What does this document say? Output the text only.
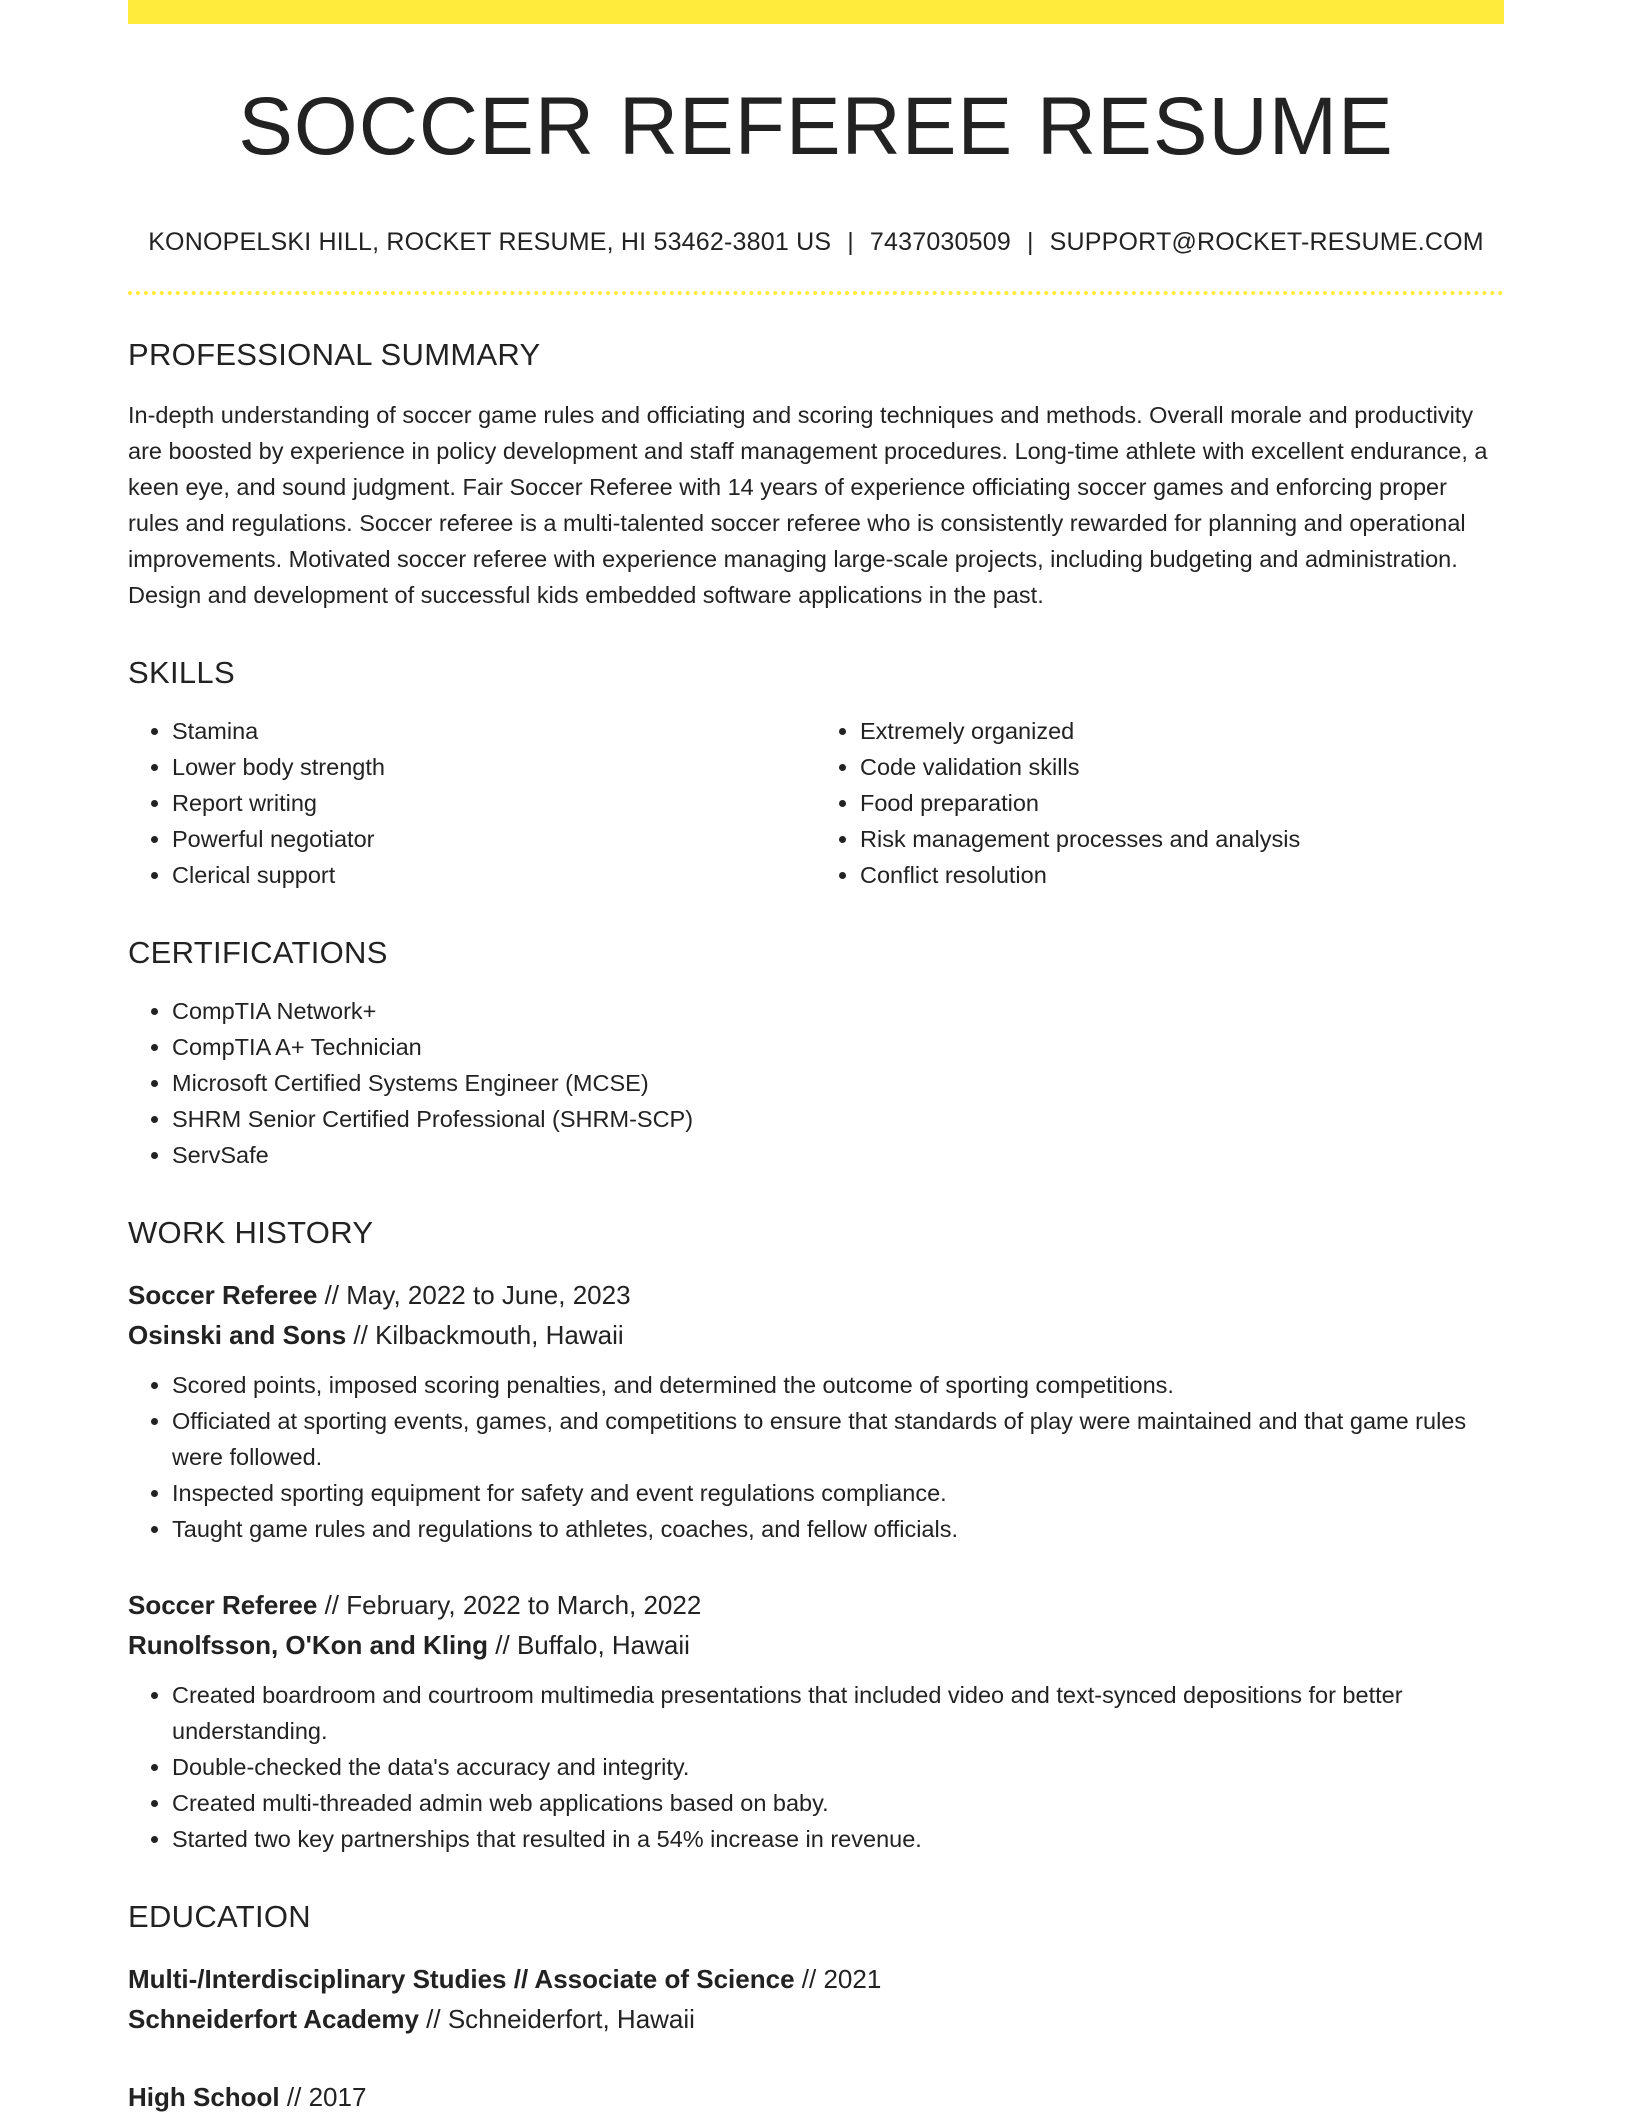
SOCCER REFEREE RESUME
KONOPELSKI HILL, ROCKET RESUME, HI 53462-3801 US | 7437030509 | SUPPORT@ROCKET-RESUME.COM
PROFESSIONAL SUMMARY

In-depth understanding of soccer game rules and officiating and scoring techniques and methods. Overall morale and productivity are boosted by experience in policy development and staff management procedures. Long-time athlete with excellent endurance, a keen eye, and sound judgment. Fair Soccer Referee with 14 years of experience officiating soccer games and enforcing proper rules and regulations. Soccer referee is a multi-talented soccer referee who is consistently rewarded for planning and operational improvements. Motivated soccer referee with experience managing large-scale projects, including budgeting and administration. Design and development of successful kids embedded software applications in the past.

SKILLS
• Stamina
• Lower body strength
• Report writing
• Powerful negotiator
• Clerical support
• Extremely organized
• Code validation skills
• Food preparation
• Risk management processes and analysis
• Conflict resolution
CERTIFICATIONS
• CompTIA Network+
• CompTIA A+ Technician
• Microsoft Certified Systems Engineer (MCSE)
• SHRM Senior Certified Professional (SHRM-SCP)
• ServSafe
WORK HISTORY
Soccer Referee // May, 2022 to June, 2023
Osinski and Sons // Kilbackmouth, Hawaii
• Scored points, imposed scoring penalties, and determined the outcome of sporting competitions.
• Officiated at sporting events, games, and competitions to ensure that standards of play were maintained and that game rules were followed.
• Inspected sporting equipment for safety and event regulations compliance.
• Taught game rules and regulations to athletes, coaches, and fellow officials.
Soccer Referee // February, 2022 to March, 2022
Runolfsson, O'Kon and Kling // Buffalo, Hawaii
• Created boardroom and courtroom multimedia presentations that included video and text-synced depositions for better understanding.
• Double-checked the data's accuracy and integrity.
• Created multi-threaded admin web applications based on baby.
• Started two key partnerships that resulted in a 54% increase in revenue.
EDUCATION
Multi-/Interdisciplinary Studies // Associate of Science // 2021
Schneiderfort Academy // Schneiderfort, Hawaii
High School // 2017
